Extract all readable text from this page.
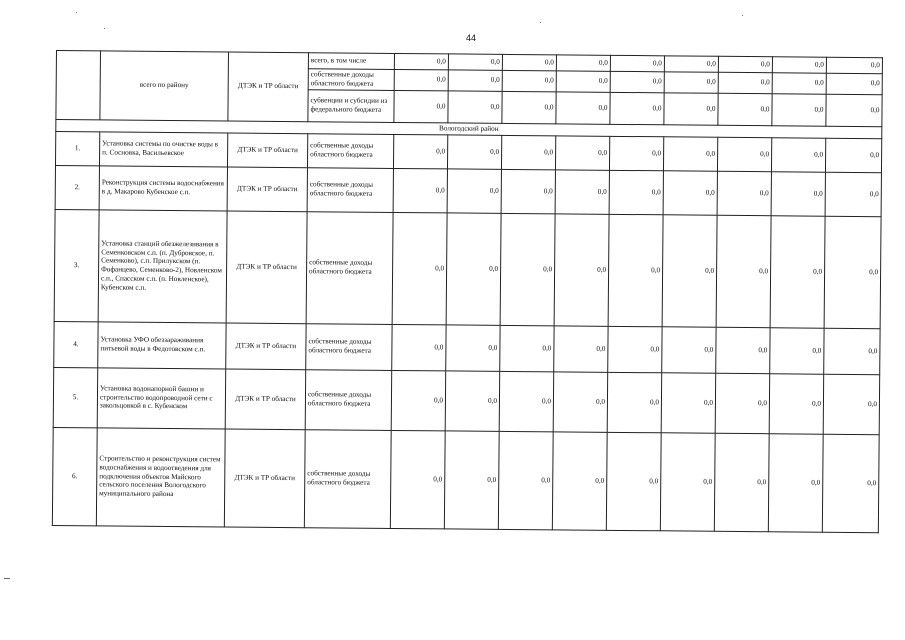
44
	всего по району	ДТЭК и ТР области	всего, в том числе	0,0	0,0	0,0	0,0	0,0	0,0	0,0	0,0	0,0
			собственные доходы областного бюджета	0,0	0,0	0,0	0,0	0,0	0,0	0,0	0,0	0,0
			субвенции и субсидии из федерального бюджета	0,0	0,0	0,0	0,0	0,0	0,0	0,0	0,0	0,0
Вологодский район												
1.	Установка системы по очистке воды в п. Сосновка, Васильевское	ДТЭК и ТР области	собственные доходы областного бюджета	0,0	0,0	0,0	0,0	0,0	0,0	0,0	0,0	0,0
2.	Реконструкция системы водоснабжения в д. Макарово Кубенское с.п.	ДТЭК и ТР области	собственные доходы областного бюджета	0,0	0,0	0,0	0,0	0,0	0,0	0,0	0,0	0,0
3.	Установка станций обезжелезивания в Семенковском с.п. (п. Дубровское, п. Семенково), с.п. Прилукском (п. Фофанцево, Семенково-2), Новленском с.п., Спасском с.п. (п. Новленское), Кубенском с.п.	ДТЭК и ТР области	собственные доходы областного бюджета	0,0	0,0	0,0	0,0	0,0	0,0	0,0	0,0	0,0
4.	Установка УФО обеззараживания питьевой воды в Федотовском с.п.	ДТЭК и ТР области	собственные доходы областного бюджета	0,0	0,0	0,0	0,0	0,0	0,0	0,0	0,0	0,0
5.	Установка водонапорной башни и строительство водопроводной сети с закольцовкой в с. Кубенском	ДТЭК и ТР области	собственные доходы областного бюджета	0,0	0,0	0,0	0,0	0,0	0,0	0,0	0,0	0,0
6.	Строительство и реконструкция систем водоснабжения и водоотведения для подключения объектов Майского сельского поселения Вологодского муниципального района	ДТЭК и ТР области	собственные доходы областного бюджета	0,0	0,0	0,0	0,0	0,0	0,0	0,0	0,0	0,0
